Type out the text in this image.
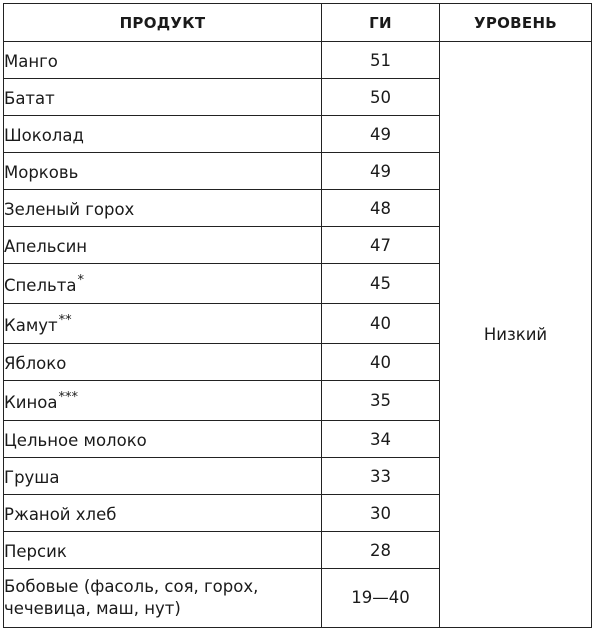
ПРОДУКТ	ГИ	УРОВЕНЬ
Манго	51	Низкий
Батат	50	
Шоколад	49	
Морковь	49	
Зеленый горох	48	
Апельсин	47	
Спельта*	45	
Камут**	40	
Яблоко	40	
Киноа***	35	
Цельное молоко	34	
Груша	33	
Ржаной хлеб	30	
Персик	28	
Бобовые (фасоль, соя, горох,
чечевица, маш, нут)	19—40	
